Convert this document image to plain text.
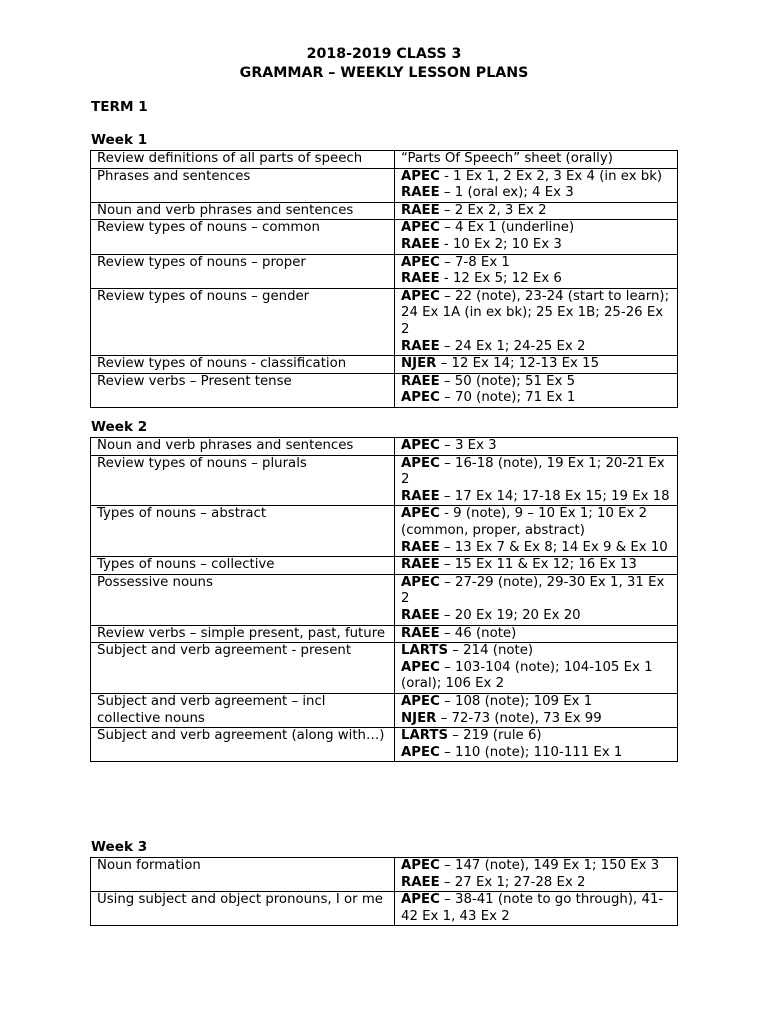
2018-2019 CLASS 3
GRAMMAR – WEEKLY LESSON PLANS
TERM 1
Week 1
Review definitions of all parts of speech	“Parts Of Speech” sheet (orally)

Phrases and sentences	APEC - 1 Ex 1, 2 Ex 2, 3 Ex 4 (in ex bk)
RAEE – 1 (oral ex); 4 Ex 3

Noun and verb phrases and sentences	RAEE – 2 Ex 2, 3 Ex 2

Review types of nouns – common	APEC – 4 Ex 1 (underline)
RAEE - 10 Ex 2; 10 Ex 3

Review types of nouns – proper	APEC – 7-8 Ex 1
RAEE - 12 Ex 5; 12 Ex 6

Review types of nouns – gender	APEC – 22 (note), 23-24 (start to learn); 24 Ex 1A (in ex bk); 25 Ex 1B; 25-26 Ex 2
RAEE – 24 Ex 1; 24-25 Ex 2

Review types of nouns - classification	NJER – 12 Ex 14; 12-13 Ex 15

Review verbs – Present tense	RAEE – 50 (note); 51 Ex 5
APEC – 70 (note); 71 Ex 1
Week 2
Noun and verb phrases and sentences	APEC – 3 Ex 3

Review types of nouns – plurals	APEC – 16-18 (note), 19 Ex 1; 20-21 Ex 2
RAEE – 17 Ex 14; 17-18 Ex 15; 19 Ex 18

Types of nouns – abstract	APEC - 9 (note), 9 – 10 Ex 1; 10 Ex 2 (common, proper, abstract)
RAEE – 13 Ex 7 & Ex 8; 14 Ex 9 & Ex 10

Types of nouns – collective	RAEE – 15 Ex 11 & Ex 12; 16 Ex 13

Possessive nouns	APEC – 27-29 (note), 29-30 Ex 1, 31 Ex 2
RAEE – 20 Ex 19; 20 Ex 20

Review verbs – simple present, past, future	RAEE – 46 (note)

Subject and verb agreement - present	LARTS – 214 (note)
APEC – 103-104 (note); 104-105 Ex 1 (oral); 106 Ex 2

Subject and verb agreement – incl collective nouns	APEC – 108 (note); 109 Ex 1
NJER – 72-73 (note), 73 Ex 99

Subject and verb agreement (along with…)	LARTS – 219 (rule 6)
APEC – 110 (note); 110-111 Ex 1
Week 3
Noun formation	APEC – 147 (note), 149 Ex 1; 150 Ex 3
RAEE – 27 Ex 1; 27-28 Ex 2

Using subject and object pronouns, I or me	APEC – 38-41 (note to go through), 41-42 Ex 1, 43 Ex 2
